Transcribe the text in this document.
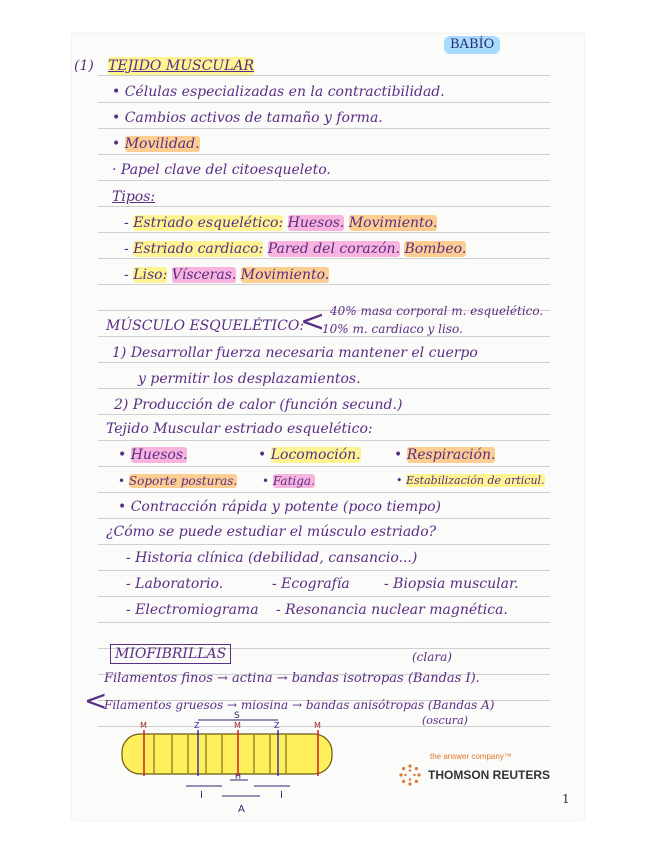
BABÍO
(1) TEJIDO MUSCULAR
• Células especializadas en la contractibilidad.
• Cambios activos de tamaño y forma.
• Movilidad.
· Papel clave del citoesqueleto.
Tipos:
- Estriado esquelético: Huesos. Movimiento.
- Estriado cardiaco: Pared del corazón. Bombeo.
- Liso: Vísceras. Movimiento.
40% masa corporal m. esquelético.
MÚSCULO ESQUELÉTICO:
<
10% m. cardiaco y liso.
1) Desarrollar fuerza necesaria mantener el cuerpo
y permitir los desplazamientos.
2) Producción de calor (función secund.)
Tejido Muscular estriado esquelético:
• Huesos.	• Locomoción. • Respiración.
• Soporte posturas. • Fatiga.	• Estabilización de articul.
• Contracción rápida y potente (poco tiempo)
¿Cómo se puede estudiar el músculo estriado?
- Historia clínica (debilidad, cansancio...)
- Laboratorio.	- Ecografía - Biopsia muscular.
- Electromiograma - Resonancia nuclear magnética.
MIOFIBRILLAS	(clara)
Filamentos finos → actina → bandas isotropas (Bandas I).
<
Filamentos gruesos → miosina → bandas anisótropas (Bandas A)
(oscura)
M	Z	M	Z	M
S
H
I	I
A
the answer company™
THOMSON REUTERS
1
